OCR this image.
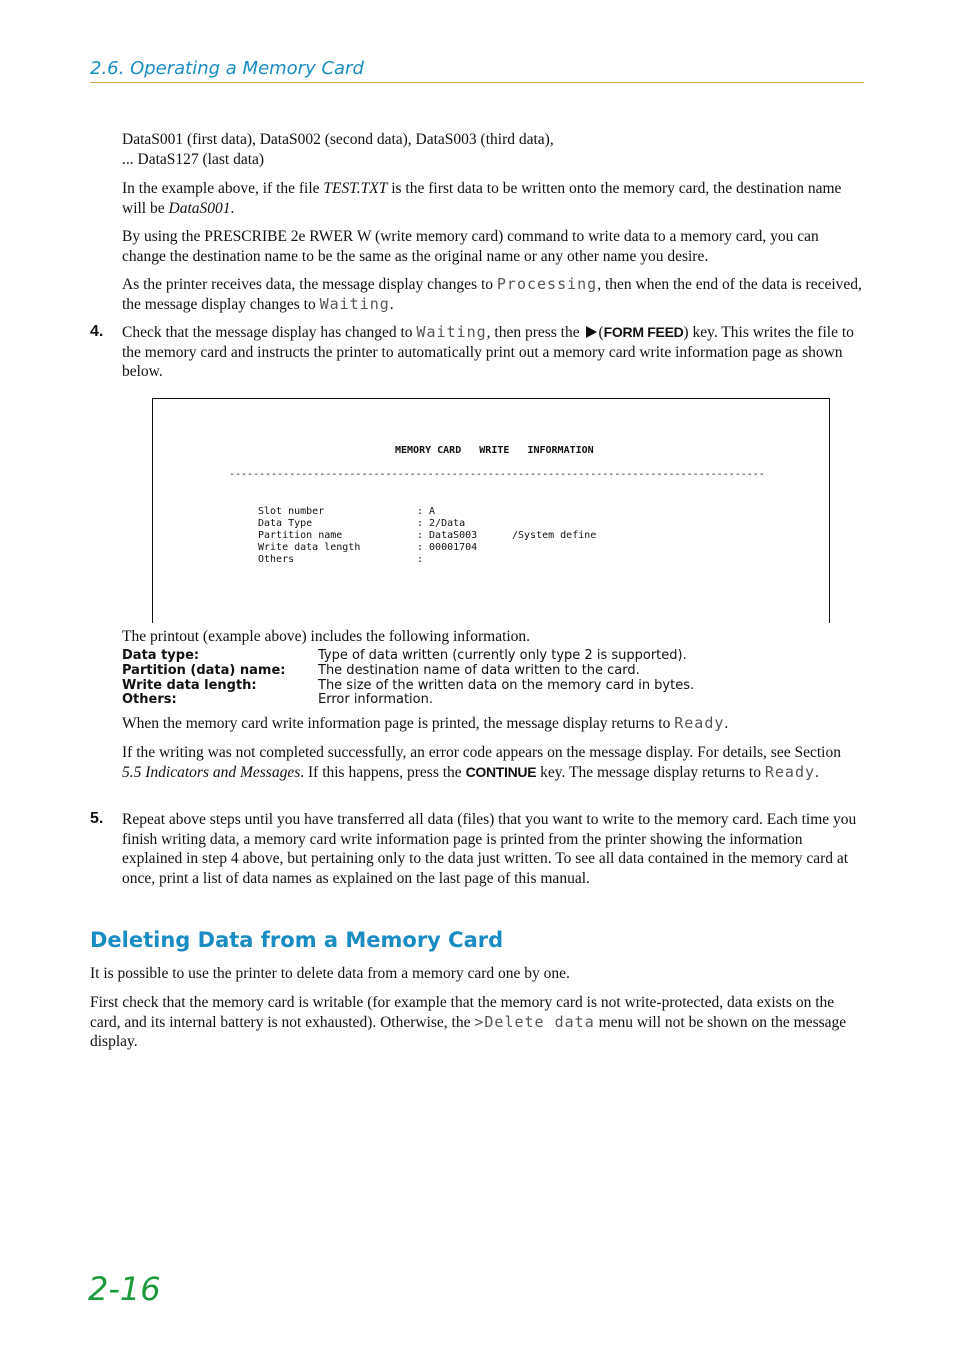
2.6. Operating a Memory Card

DataS001 (first data), DataS002 (second data), DataS003 (third data),

... DataS127 (last data)

In the example above, if the file TEST.TXT is the first data to be written onto the memory card, the destination name will be DataS001.

By using the PRESCRIBE 2e RWER W (write memory card) command to write data to a memory card, you can change the destination name to be the same as the original name or any other name you desire.

As the printer receives data, the message display changes to Processing, then when the end of the data is received, the message display changes to Waiting.

4. Check that the message display has changed to Waiting, then press the (FORM FEED) key. This writes the file to the memory card and instructs the printer to automatically print out a memory card write information page as shown below.

MEMORY CARD   WRITE   INFORMATION
-----------------------------------------------------------------------------------------
Slot number	: A
Data Type	: 2/Data
Partition name	: DataS003	/System define
Write data length	: 00001704
Others	:

The printout (example above) includes the following information.

Data type:	Type of data written (currently only type 2 is supported).
Partition (data) name:	The destination name of data written to the card.
Write data length:	The size of the written data on the memory card in bytes.
Others:	Error information.

When the memory card write information page is printed, the message display returns to Ready.

If the writing was not completed successfully, an error code appears on the message display. For details, see Section 5.5 Indicators and Messages. If this happens, press the CONTINUE key. The message display returns to Ready.

5. Repeat above steps until you have transferred all data (files) that you want to write to the memory card. Each time you finish writing data, a memory card write information page is printed from the printer showing the information explained in step 4 above, but pertaining only to the data just written. To see all data contained in the memory card at once, print a list of data names as explained on the last page of this manual.

Deleting Data from a Memory Card

It is possible to use the printer to delete data from a memory card one by one.

First check that the memory card is writable (for example that the memory card is not write-protected, data exists on the card, and its internal battery is not exhausted). Otherwise, the >Delete data menu will not be shown on the message display.

2-16
